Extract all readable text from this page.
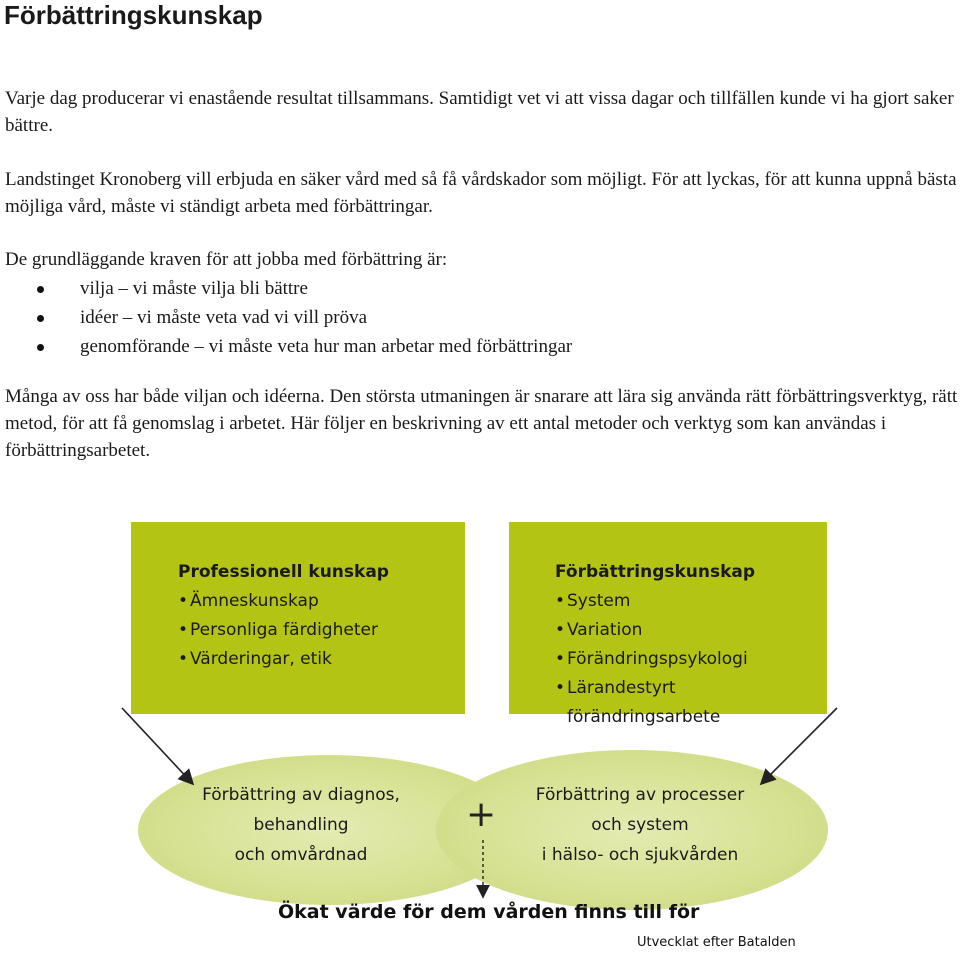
Förbättringskunskap

Varje dag producerar vi enastående resultat tillsammans. Samtidigt vet vi att vissa dagar och tillfällen kunde vi ha gjort saker bättre.

Landstinget Kronoberg vill erbjuda en säker vård med så få vårdskador som möjligt. För att lyckas, för att kunna uppnå bästa möjliga vård, måste vi ständigt arbeta med förbättringar.

De grundläggande kraven för att jobba med förbättring är:

vilja – vi måste vilja bli bättre
idéer – vi måste veta vad vi vill pröva
genomförande – vi måste veta hur man arbetar med förbättringar

Många av oss har både viljan och idéerna. Den största utmaningen är snarare att lära sig använda rätt förbättringsverktyg, rätt metod, för att få genomslag i arbetet. Här följer en beskrivning av ett antal metoder och verktyg som kan användas i förbättringsarbetet.

Professionell kunskap
• Ämneskunskap
• Personliga färdigheter
• Värderingar, etik
Förbättringskunskap
• System
• Variation
• Förändringspsykologi
• Lärandestyrt
förändringsarbete
Förbättring av diagnos,
behandling
och omvårdnad
Förbättring av processer
och system
i hälso- och sjukvården
+
Ökat värde för dem vården finns till för
Utvecklat efter Batalden
